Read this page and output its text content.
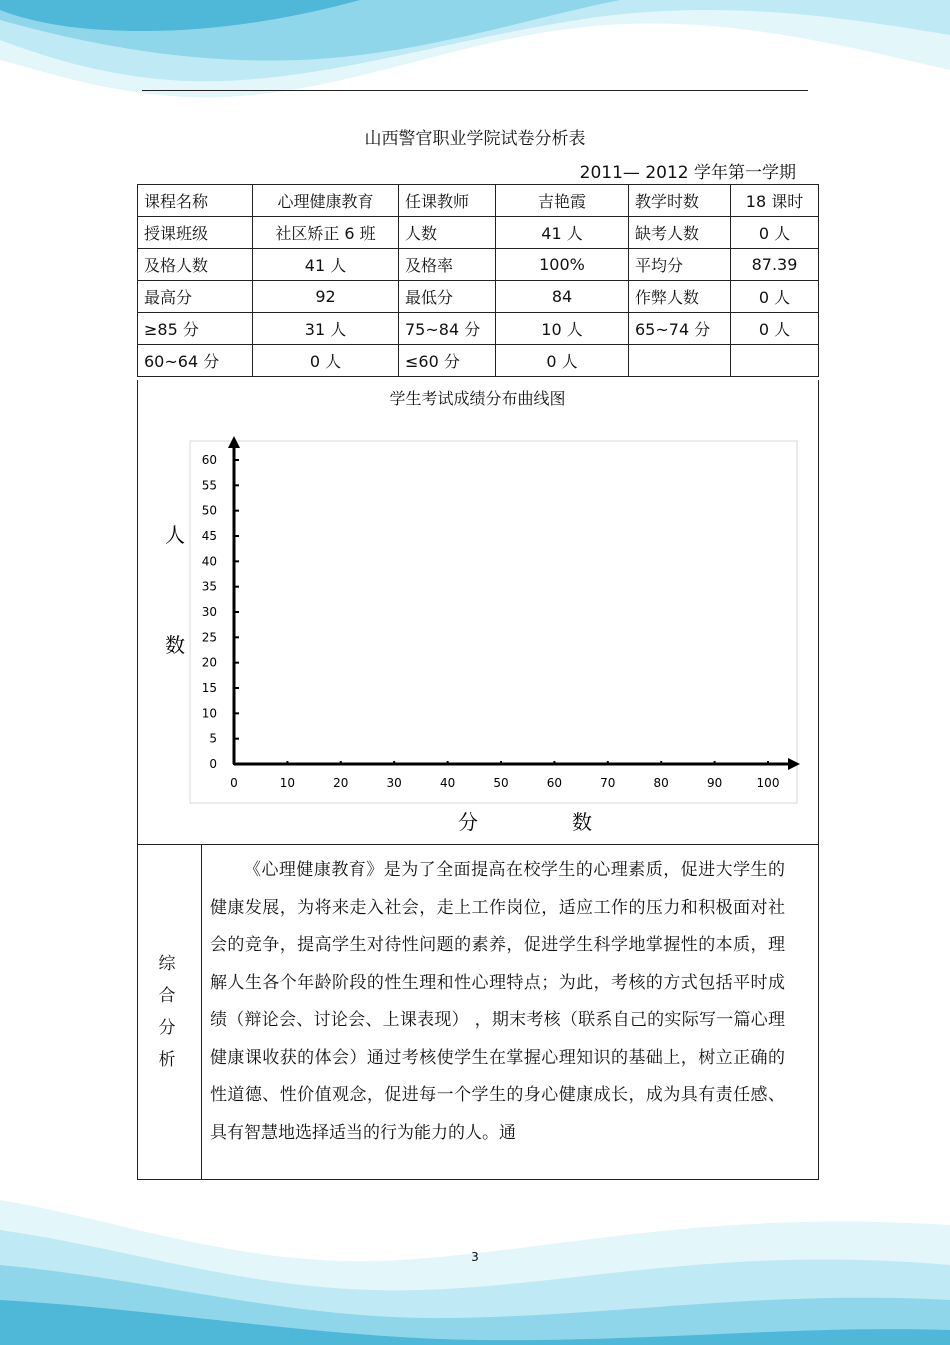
山西警官职业学院试卷分析表
2011— 2012 学年第一学期
课程名称	心理健康教育	任课教师	吉艳霞	教学时数	18 课时
授课班级	社区矫正 6 班	人数	41 人	缺考人数	0 人
及格人数	41 人	及格率	100%	平均分	87.39
最高分	92	最低分	84	作弊人数	0 人
≥85 分	31 人	75~84 分	10 人	65~74 分	0 人
60~64 分	0 人	≤60 分	0 人		
学生考试成绩分布曲线图
0	10	20	30	40	50	60	70	80	90	100
0
5
10
15
20
25
30
35
40
45
50
55
60
人
数
分	数
综
合
分
析
《心理健康教育》是为了全面提高在校学生的心理素质，促进大学生的健康发展，为将来走入社会，走上工作岗位，适应工作的压力和积极面对社会的竞争，提高学生对待性问题的素养，促进学生科学地掌握性的本质，理解人生各个年龄阶段的性生理和性心理特点；为此，考核的方式包括平时成绩（辩论会、讨论会、上课表现） ，期末考核（联系自己的实际写一篇心理健康课收获的体会）通过考核使学生在掌握心理知识的基础上，树立正确的性道德、性价值观念，促进每一个学生的身心健康成长，成为具有责任感、具有智慧地选择适当的行为能力的人。通
3
